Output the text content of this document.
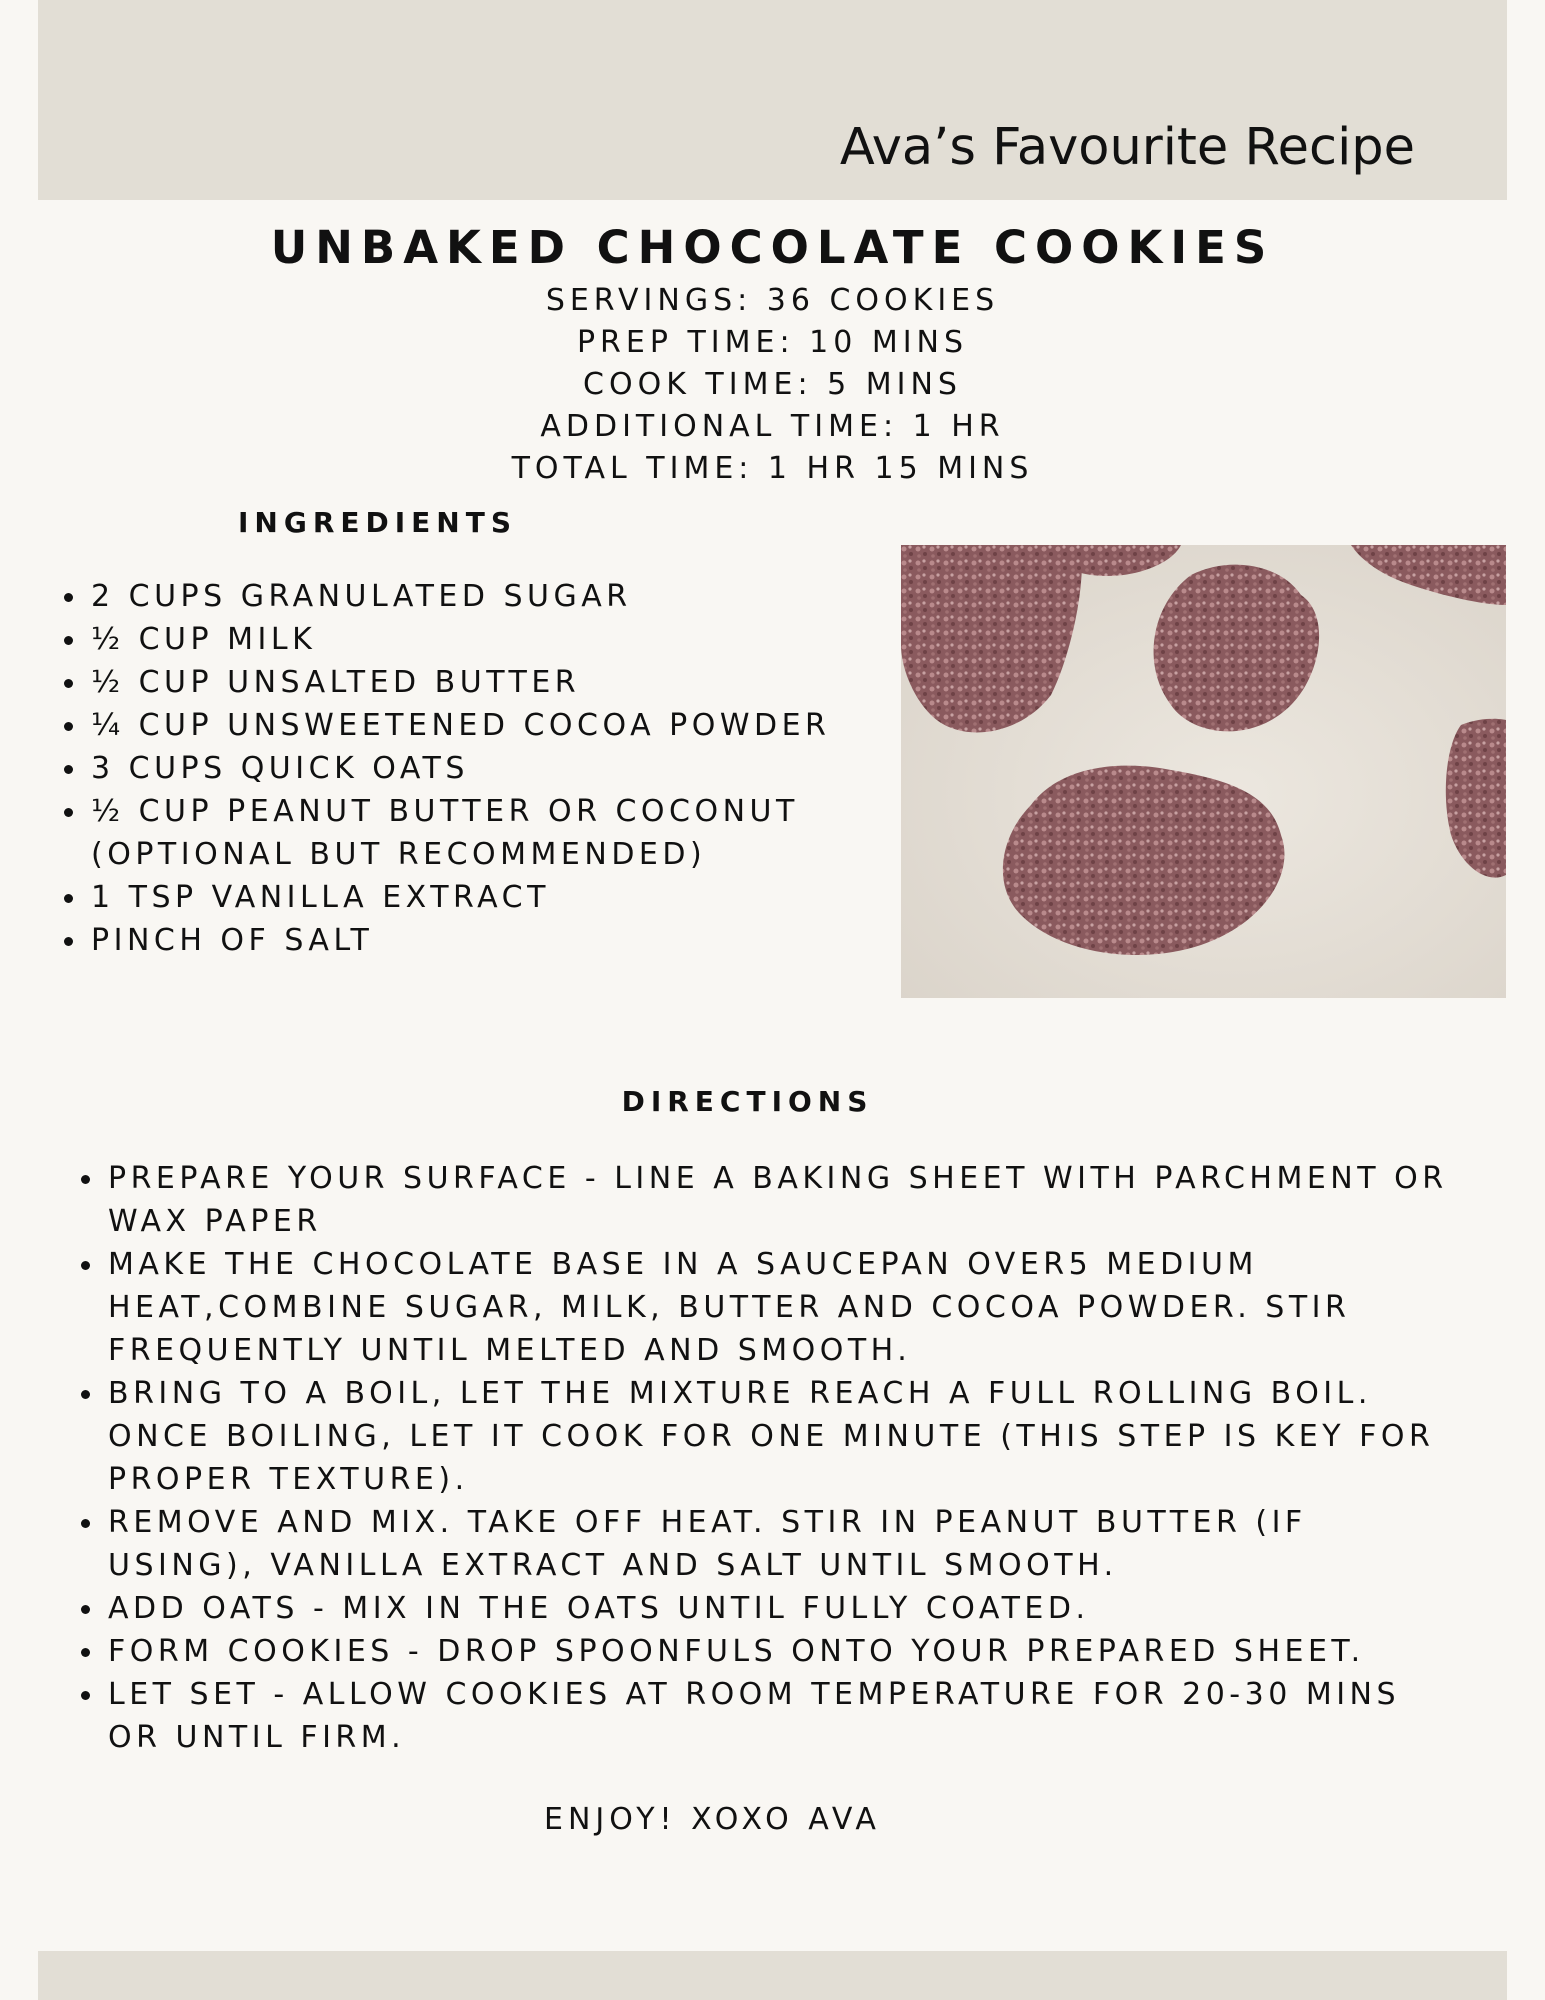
Ava’s Favourite Recipe
UNBAKED CHOCOLATE COOKIES
SERVINGS: 36 COOKIES
PREP TIME: 10 MINS
COOK TIME: 5 MINS
ADDITIONAL TIME: 1 HR
TOTAL TIME: 1 HR 15 MINS
INGREDIENTS
2 CUPS GRANULATED SUGAR
½ CUP MILK
½ CUP UNSALTED BUTTER
¼ CUP UNSWEETENED COCOA POWDER
3 CUPS QUICK OATS
½ CUP PEANUT BUTTER OR COCONUT (OPTIONAL BUT RECOMMENDED)
1 TSP VANILLA EXTRACT
PINCH OF SALT
DIRECTIONS
PREPARE YOUR SURFACE - LINE A BAKING SHEET WITH PARCHMENT OR WAX PAPER
MAKE THE CHOCOLATE BASE IN A SAUCEPAN OVER5 MEDIUM HEAT,COMBINE SUGAR, MILK, BUTTER AND COCOA POWDER. STIR FREQUENTLY UNTIL MELTED AND SMOOTH.
BRING TO A BOIL, LET THE MIXTURE REACH A FULL ROLLING BOIL. ONCE BOILING, LET IT COOK FOR ONE MINUTE (THIS STEP IS KEY FOR PROPER TEXTURE).
REMOVE AND MIX. TAKE OFF HEAT. STIR IN PEANUT BUTTER (IF USING), VANILLA EXTRACT AND SALT UNTIL SMOOTH.
ADD OATS - MIX IN THE OATS UNTIL FULLY COATED.
FORM COOKIES - DROP SPOONFULS ONTO YOUR PREPARED SHEET.
LET SET - ALLOW COOKIES AT ROOM TEMPERATURE FOR 20-30 MINS OR UNTIL FIRM.
ENJOY! XOXO AVA
